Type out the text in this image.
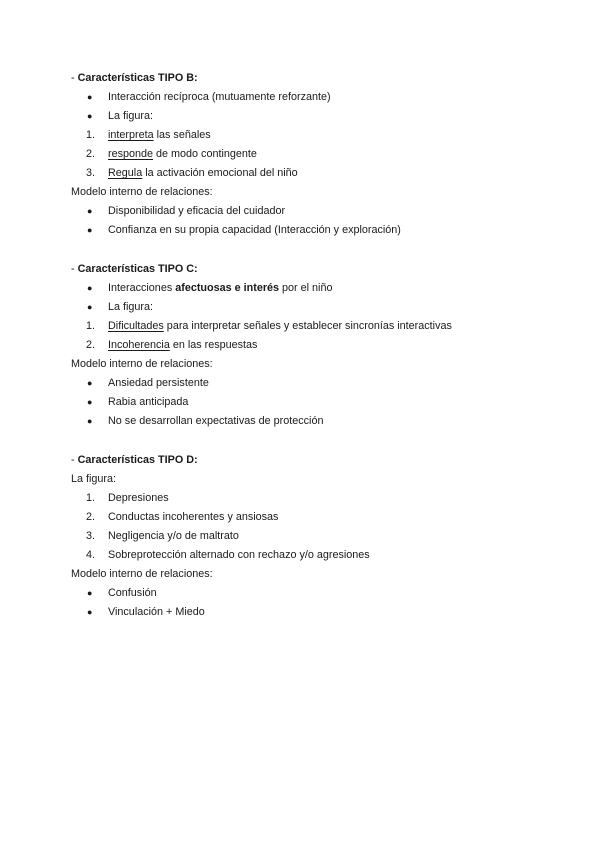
- Características TIPO B:
● Interacción recíproca (mutuamente reforzante)
● La figura:
1. interpreta las señales
2. responde de modo contingente
3. Regula la activación emocional del niño
Modelo interno de relaciones:
● Disponibilidad y eficacia del cuidador
● Confianza en su propia capacidad (Interacción y exploración)
- Características TIPO C:
● Interacciones afectuosas e interés por el niño
● La figura:
1. Dificultades para interpretar señales y establecer sincronías interactivas
2. Incoherencia en las respuestas
Modelo interno de relaciones:
● Ansiedad persistente
● Rabia anticipada
● No se desarrollan expectativas de protección
- Características TIPO D:
La figura:
1. Depresiones
2. Conductas incoherentes y ansiosas
3. Negligencia y/o de maltrato
4. Sobreprotección alternado con rechazo y/o agresiones
Modelo interno de relaciones:
● Confusión
● Vinculación + Miedo
